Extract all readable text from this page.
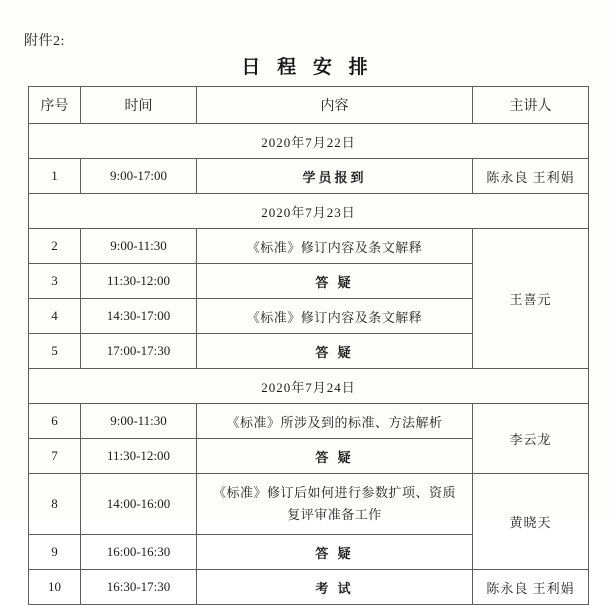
附件2:
日 程 安 排
序号	时间	内容	主讲人
2020年7月22日			
1	9:00-17:00	学员报到	陈永良 王利娟
2020年7月23日			
2	9:00-11:30	《标准》修订内容及条文解释	王喜元
3	11:30-12:00	答 疑	
4	14:30-17:00	《标准》修订内容及条文解释	
5	17:00-17:30	答 疑	
2020年7月24日			
6	9:00-11:30	《标准》所涉及到的标准、方法解析	李云龙
7	11:30-12:00	答 疑	
8	14:00-16:00	《标准》修订后如何进行参数扩项、资质
复评审准备工作	黄晓天
9	16:00-16:30	答 疑	
10	16:30-17:30	考 试	陈永良 王利娟
